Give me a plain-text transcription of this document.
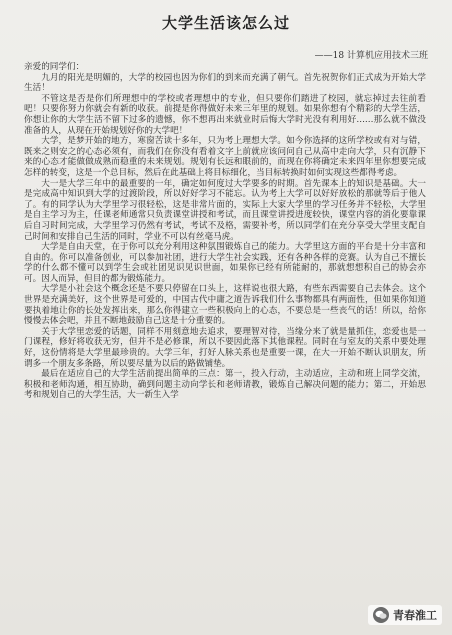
大学生活该怎么过
——18 计算机应用技术三班

亲爱的同学们：

九月的阳光是明媚的，大学的校园也因为你们的到来而充满了朝气。首先祝贺你们正式成为开始大学生活！

不管这是否是你们所理想中的学校或者理想中的专业，但只要你们踏进了校园，就忘掉过去往前看吧！只要你努力你就会有新的收获。前提是你得做好未来三年里的规划。如果你想有个精彩的大学生活，你想让你的大学生活不留下过多的遗憾，你不想再出来就业时后悔大学时光没有利用好……那么就不做没准备的人，从现在开始规划好你的大学吧！

大学，是梦开始的地方，寒窗苦读十多年，只为考上理想大学。如今你选择的这所学校或有对与错，既来之则安之的心态必须有，而我们在你没有看着文字上前就应该问问自己从高中走向大学，只有沉静下来的心态才能做做成熟而稳重的未来规划。规划有长远和眼前的，而现在你将确定未来四年里你想要完成怎样的转变，这是一个总目标，然后在此基础上将目标细化，当目标转换时如何实现这些都得考虑。

大一是大学三年中的最重要的一年，确定如何度过大学要多的时期。首先课本上的知识是基础。大一是完成高中知识到大学的过渡阶段，所以好好学习不能忘。认为考上大学可以好好放松的那就等后于他人了。有的同学认为大学里学习很轻松，这是非常片面的，实际上大家大学里的学习任务并不轻松，大学里是自主学习为主，任课老师通常只负责课堂讲授和考试，而且课堂讲授进度较快，课堂内容的消化要靠课后自习时间完成，大学里学习仍然有考试，考试不及格，需要补考，所以同学们在充分享受大学里支配自己时间和安排自己生活的同时，学业不可以有丝毫马虎。

大学是自由天堂，在于你可以充分利用这种氛围锻炼自己的能力。大学里这方面的平台是十分丰富和自由的。你可以准备创业，可以参加社团，进行大学生社会实践，还有各种各样的竞赛。认为自己不擅长学的什么都不懂可以到学生会或社团见识见识世面，如果你已经有所能耐的，那就想想积自己的协会亦可。因人而异，但目的都为锻炼能力。

大学是小社会这个概念还是不要只停留在口头上，这样说也很大路，有些东西需要自己去体会。这个世界是充满美好，这个世界是可爱的，中国古代中庸之道告诉我们什么事物都具有两面性，但如果你知道要执着地让你的长处发挥出来，那么你得建立一些积极向上的心态，不要总是一些丧气的话！所以，给你慢慢去体会吧，并且不断地鼓励自己这是十分重要的。

关于大学里恋爱的话题，同样不用刻意地去追求，要理智对待，当缘分来了就是量抓住，恋爱也是一门课程，修好将收获无穷，但并不是必修课，所以不要因此落下其他课程。同时在与室友的关系中要处理好，这份情将是大学里最珍贵的。大学三年，打好人脉关系也是重要一课，在大一开始不断认识朋友，所谓多一个朋友多条路，所以要尽量为以后的路做铺垫。

最后在适应自己的大学生活前提出简单的三点：第一，投入行动，主动适应，主动和班上同学交流，积极和老师沟通，相互协助，确到问题主动向学长和老师请教，锻炼自己解决问题的能力；第二，开始思考和规划自己的大学生活，大一新生入学

青春淮工
